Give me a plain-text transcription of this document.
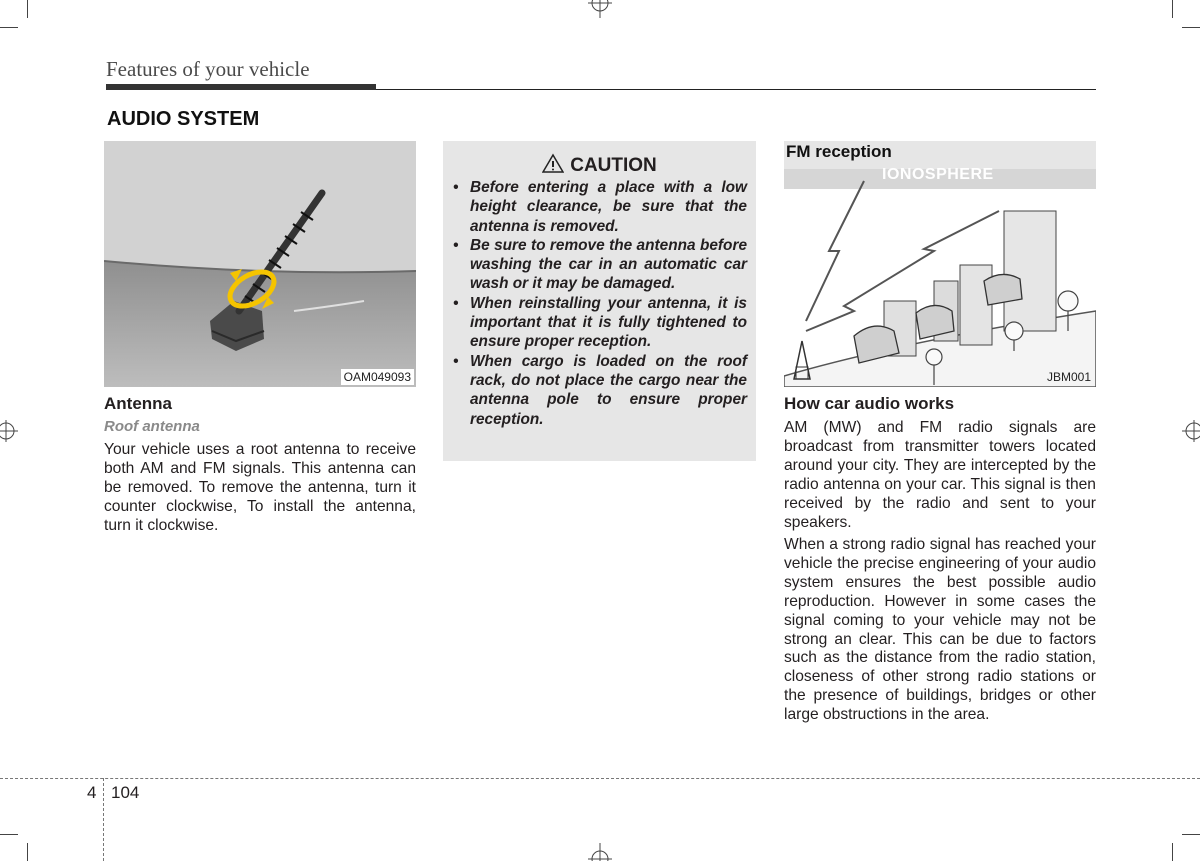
Features of your vehicle
AUDIO SYSTEM
OAM049093
Antenna
Roof antenna
Your vehicle uses a root antenna to receive both AM and FM signals. This antenna can be removed. To remove the antenna, turn it counter clockwise, To install the antenna, turn it clockwise.
CAUTION
• Before entering a place with a low height clearance, be sure that the antenna is removed.
• Be sure to remove the antenna before washing the car in an automatic car wash or it may be damaged.
• When reinstalling your antenna, it is important that it is fully tightened to ensure proper reception.
• When cargo is loaded on the roof rack, do not place the cargo near the antenna pole to ensure proper reception.
FM reception
IONOSPHERE
JBM001
How car audio works
AM (MW) and FM radio signals are broadcast from transmitter towers located around your city. They are intercepted by the radio antenna on your car. This signal is then received by the radio and sent to your speakers.
When a strong radio signal has reached your vehicle the precise engineering of your audio system ensures the best possible audio reproduction. However in some cases the signal coming to your vehicle may not be strong an clear. This can be due to factors such as the distance from the radio station, closeness of other strong radio stations or the presence of buildings, bridges or other large obstructions in the area.
4 104
